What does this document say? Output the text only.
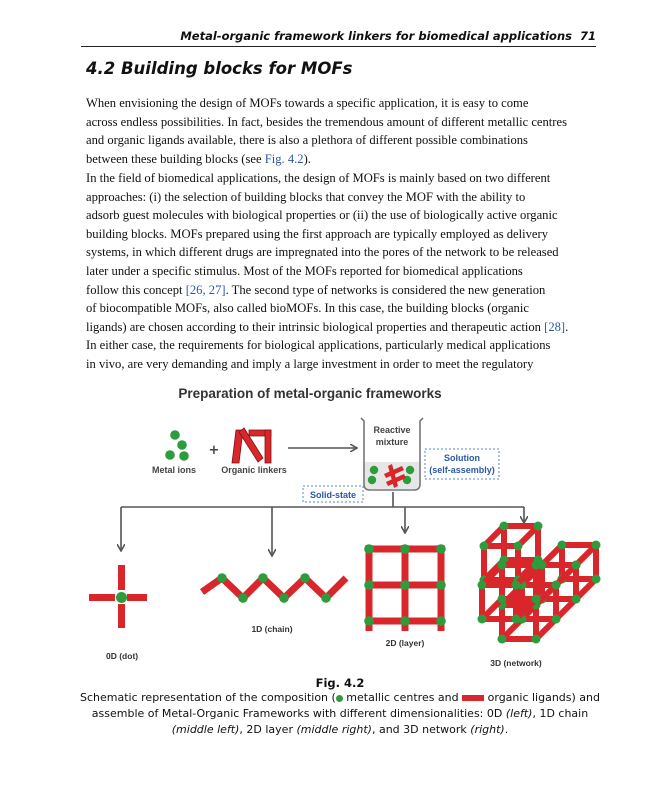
Metal-organic framework linkers for biomedical applications 71
4.2 Building blocks for MOFs

When envisioning the design of MOFs towards a specific application, it is easy to come
across endless possibilities. In fact, besides the tremendous amount of different metallic centres
and organic ligands available, there is also a plethora of different possible combinations
between these building blocks (see Fig. 4.2).

In the field of biomedical applications, the design of MOFs is mainly based on two different
approaches: (i) the selection of building blocks that convey the MOF with the ability to
adsorb guest molecules with biological properties or (ii) the use of biologically active organic
building blocks. MOFs prepared using the first approach are typically employed as delivery
systems, in which different drugs are impregnated into the pores of the network to be released
later under a specific stimulus. Most of the MOFs reported for biomedical applications
follow this concept [26, 27]. The second type of networks is considered the new generation
of biocompatible MOFs, also called bioMOFs. In this case, the building blocks (organic
ligands) are chosen according to their intrinsic biological properties and therapeutic action [28].
In either case, the requirements for biological applications, particularly medical applications
in vivo, are very demanding and imply a large investment in order to meet the regulatory

Preparation of metal-organic frameworks
+
Metal ions	Organic linkers
Reactive
mixture
Solution
(self-assembly)
Solid-state
1D (chain)
2D (layer)
0D (dot)
3D (network)
Fig. 4.2
Schematic representation of the composition ( metallic centres and  organic ligands) and
assemble of Metal-Organic Frameworks with different dimensionalities: 0D (left), 1D chain
(middle left), 2D layer (middle right), and 3D network (right).
